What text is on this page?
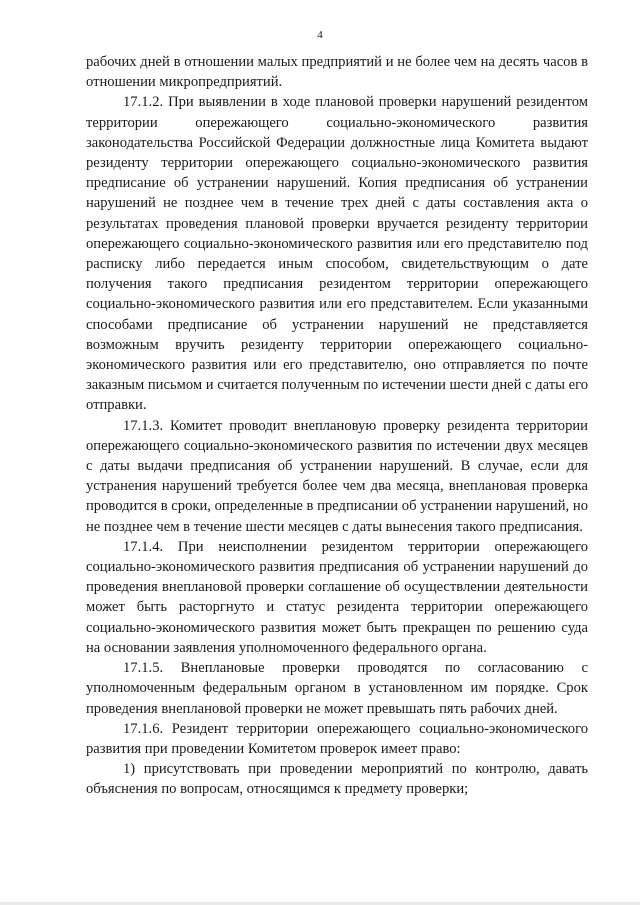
4

рабочих дней в отношении малых предприятий и не более чем на десять часов в отношении микропредприятий.

17.1.2. При выявлении в ходе плановой проверки нарушений резидентом территории опережающего социально-экономического развития законодательства Российской Федерации должностные лица Комитета выдают резиденту территории опережающего социально-экономического развития предписание об устранении нарушений. Копия предписания об устранении нарушений не позднее чем в течение трех дней с даты составления акта о результатах проведения плановой проверки вручается резиденту территории опережающего социально-экономического развития или его представителю под расписку либо передается иным способом, свидетельствующим о дате получения такого предписания резидентом территории опережающего социально-экономического развития или его представителем. Если указанными способами предписание об устранении нарушений не представляется возможным вручить резиденту территории опережающего социально-экономического развития или его представителю, оно отправляется по почте заказным письмом и считается полученным по истечении шести дней с даты его отправки.

17.1.3. Комитет проводит внеплановую проверку резидента территории опережающего социально-экономического развития по истечении двух месяцев с даты выдачи предписания об устранении нарушений. В случае, если для устранения нарушений требуется более чем два месяца, внеплановая проверка проводится в сроки, определенные в предписании об устранении нарушений, но не позднее чем в течение шести месяцев с даты вынесения такого предписания.

17.1.4. При неисполнении резидентом территории опережающего социально-экономического развития предписания об устранении нарушений до проведения внеплановой проверки соглашение об осуществлении деятельности может быть расторгнуто и статус резидента территории опережающего социально-экономического развития может быть прекращен по решению суда на основании заявления уполномоченного федерального органа.

17.1.5. Внеплановые проверки проводятся по согласованию с уполномоченным федеральным органом в установленном им порядке. Срок проведения внеплановой проверки не может превышать пять рабочих дней.

17.1.6. Резидент территории опережающего социально-экономического развития при проведении Комитетом проверок имеет право:

1) присутствовать при проведении мероприятий по контролю, давать объяснения по вопросам, относящимся к предмету проверки;
